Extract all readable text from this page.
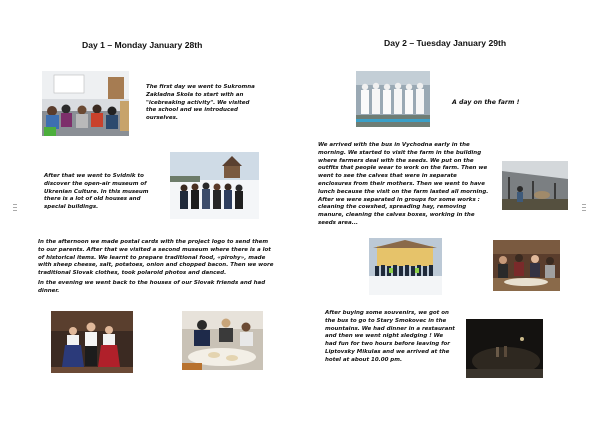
Day 1 – Monday January 28th
The first day we went to Sukromna Zakladna Skola to start with an "icebreaking activity". We visited the school and we introduced ourselves.
After that we went to Svidnik to discover the open-air museum of Ukrenian Culture. In this museum there is a lot of old houses and special buildings.
In the afternoon we made postal cards with the project logo to send them to our parents. After that we visited a second museum where there is a lot of historical items. We learnt to prepare traditional food, «pirohy», made with sheep cheese, salt, potatoes, onion and chopped bacon. Then we wore traditional Slovak clothes, took polaroid photos and danced.
In the evening we went back to the houses of our Slovak friends and had dinner.
Day 2 – Tuesday January 29th
A day on the farm !
We arrived with the bus in Vychodna early in the morning. We started to visit the farm in the building where farmers deal with the seeds. We put on the outfits that people wear to work on the farm. Then we went to see the calves that were in separate enclosures from their mothers. Then we went to have lunch because the visit on the farm lasted all morning. After we were separated in groups for some works : cleaning the cowshed, spreading hay, removing manure, cleaning the calves boxes, working in the seeds area...
After buying some souvenirs, we got on the bus to go to Stary Smokovec in the mountains. We had dinner in a restaurant and then we went night sledging ! We had fun for two hours before leaving for Liptovsky Mikulas and we arrived at the hotel at about 10.00 pm.
